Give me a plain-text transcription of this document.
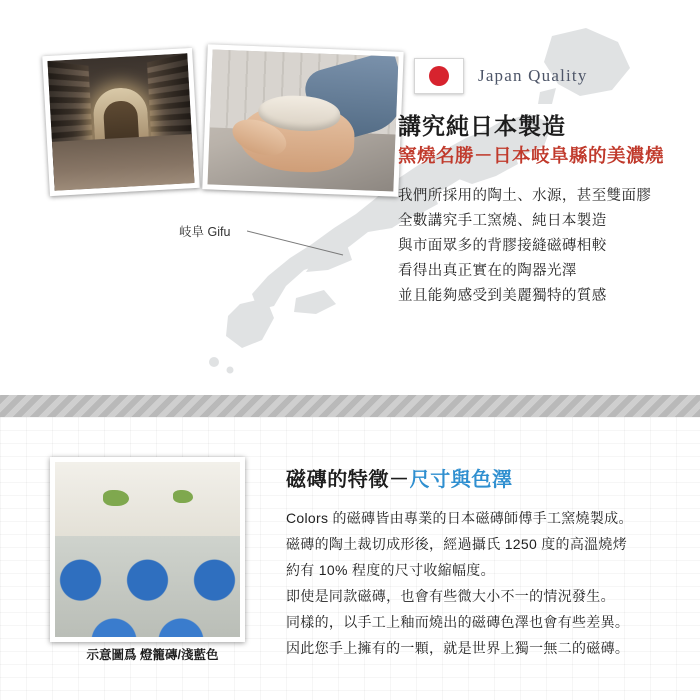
岐阜 Gifu
Japan Quality
講究純日本製造
窯燒名勝－日本岐阜縣的美濃燒
我們所採用的陶土、水源，甚至雙面膠
全數講究手工窯燒、純日本製造
與市面眾多的背膠接縫磁磚相較
看得出真正實在的陶器光澤
並且能夠感受到美麗獨特的質感
示意圖爲 燈籠磚/淺藍色
磁磚的特徵－尺寸與色澤
Colors 的磁磚皆由專業的日本磁磚師傅手工窯燒製成。
磁磚的陶土裁切成形後，經過攝氏 1250 度的高溫燒烤
約有 10% 程度的尺寸收縮幅度。
即使是同款磁磚，也會有些微大小不一的情況發生。
同樣的，以手工上釉而燒出的磁磚色澤也會有些差異。
因此您手上擁有的一顆，就是世界上獨一無二的磁磚。
